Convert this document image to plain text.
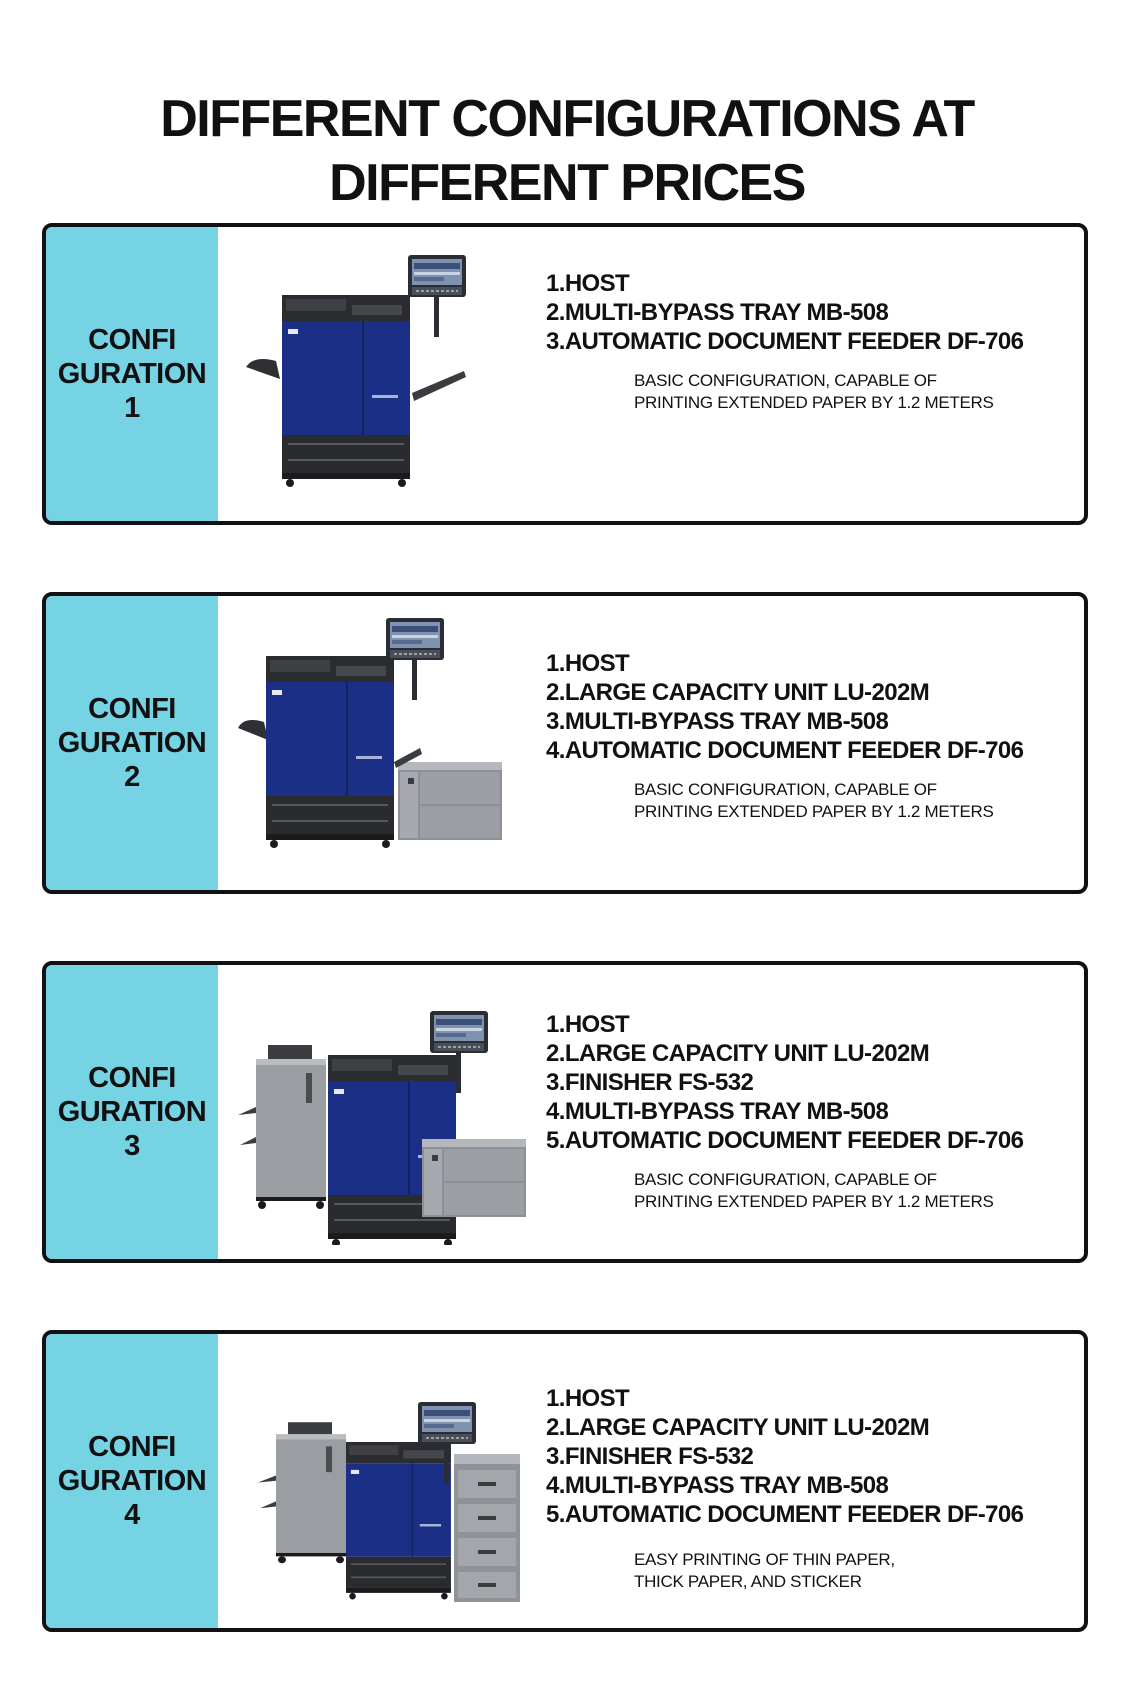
DIFFERENT CONFIGURATIONS AT
DIFFERENT PRICES
CONFI
GURATION
1
1.HOST
2.MULTI-BYPASS TRAY MB-508
3.AUTOMATIC DOCUMENT FEEDER DF-706

BASIC CONFIGURATION, CAPABLE OF
PRINTING EXTENDED PAPER BY 1.2 METERS

CONFI
GURATION
2
1.HOST
2.LARGE CAPACITY UNIT LU-202M
3.MULTI-BYPASS TRAY MB-508
4.AUTOMATIC DOCUMENT FEEDER DF-706

BASIC CONFIGURATION, CAPABLE OF
PRINTING EXTENDED PAPER BY 1.2 METERS

CONFI
GURATION
3
1.HOST
2.LARGE CAPACITY UNIT LU-202M
3.FINISHER FS-532
4.MULTI-BYPASS TRAY MB-508
5.AUTOMATIC DOCUMENT FEEDER DF-706

BASIC CONFIGURATION, CAPABLE OF
PRINTING EXTENDED PAPER BY 1.2 METERS

CONFI
GURATION
4
1.HOST
2.LARGE CAPACITY UNIT LU-202M
3.FINISHER FS-532
4.MULTI-BYPASS TRAY MB-508
5.AUTOMATIC DOCUMENT FEEDER DF-706

EASY PRINTING OF THIN PAPER,
THICK PAPER, AND STICKER
